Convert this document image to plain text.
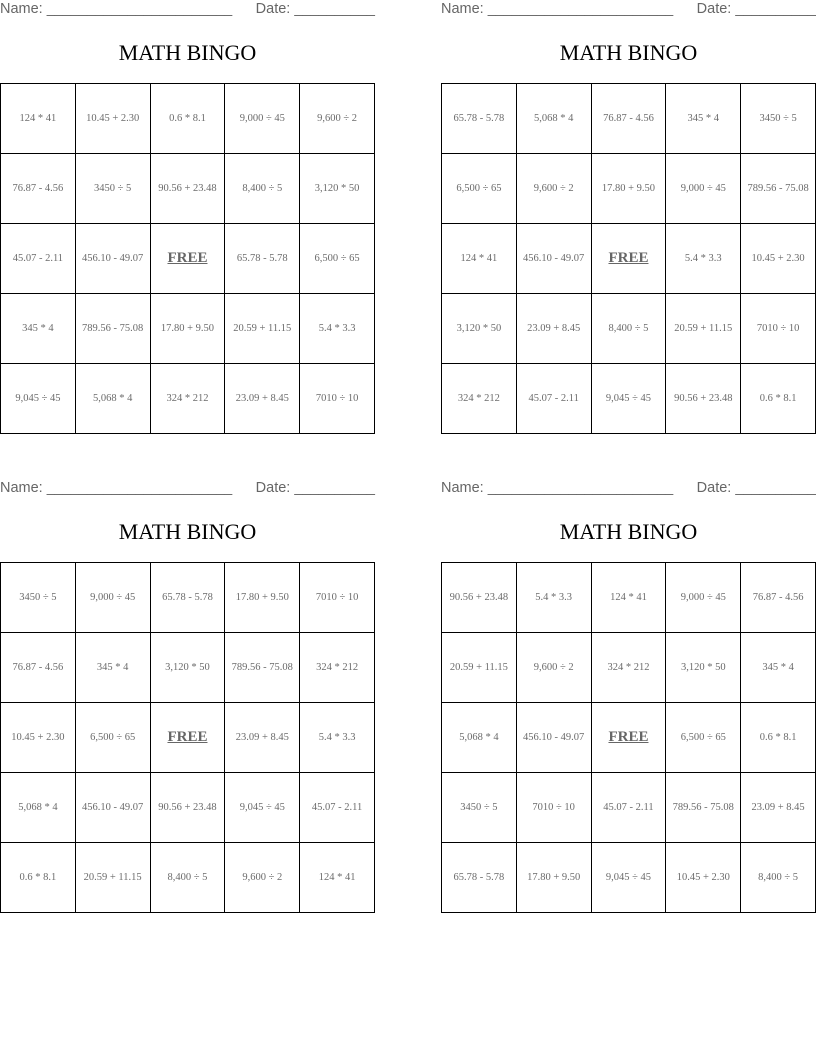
Name: _______________________ Date: __________
MATH BINGO
124 * 41	10.45 + 2.30	0.6 * 8.1	9,000 ÷ 45	9,600 ÷ 2
76.87 - 4.56	3450 ÷ 5	90.56 + 23.48	8,400 ÷ 5	3,120 * 50
45.07 - 2.11	456.10 - 49.07	FREE	65.78 - 5.78	6,500 ÷ 65
345 * 4	789.56 - 75.08	17.80 + 9.50	20.59 + 11.15	5.4 * 3.3
9,045 ÷ 45	5,068 * 4	324 * 212	23.09 + 8.45	7010 ÷ 10
Name: _______________________ Date: __________
MATH BINGO
65.78 - 5.78	5,068 * 4	76.87 - 4.56	345 * 4	3450 ÷ 5
6,500 ÷ 65	9,600 ÷ 2	17.80 + 9.50	9,000 ÷ 45	789.56 - 75.08
124 * 41	456.10 - 49.07	FREE	5.4 * 3.3	10.45 + 2.30
3,120 * 50	23.09 + 8.45	8,400 ÷ 5	20.59 + 11.15	7010 ÷ 10
324 * 212	45.07 - 2.11	9,045 ÷ 45	90.56 + 23.48	0.6 * 8.1
Name: _______________________ Date: __________
MATH BINGO
3450 ÷ 5	9,000 ÷ 45	65.78 - 5.78	17.80 + 9.50	7010 ÷ 10
76.87 - 4.56	345 * 4	3,120 * 50	789.56 - 75.08	324 * 212
10.45 + 2.30	6,500 ÷ 65	FREE	23.09 + 8.45	5.4 * 3.3
5,068 * 4	456.10 - 49.07	90.56 + 23.48	9,045 ÷ 45	45.07 - 2.11
0.6 * 8.1	20.59 + 11.15	8,400 ÷ 5	9,600 ÷ 2	124 * 41
Name: _______________________ Date: __________
MATH BINGO
90.56 + 23.48	5.4 * 3.3	124 * 41	9,000 ÷ 45	76.87 - 4.56
20.59 + 11.15	9,600 ÷ 2	324 * 212	3,120 * 50	345 * 4
5,068 * 4	456.10 - 49.07	FREE	6,500 ÷ 65	0.6 * 8.1
3450 ÷ 5	7010 ÷ 10	45.07 - 2.11	789.56 - 75.08	23.09 + 8.45
65.78 - 5.78	17.80 + 9.50	9,045 ÷ 45	10.45 + 2.30	8,400 ÷ 5
